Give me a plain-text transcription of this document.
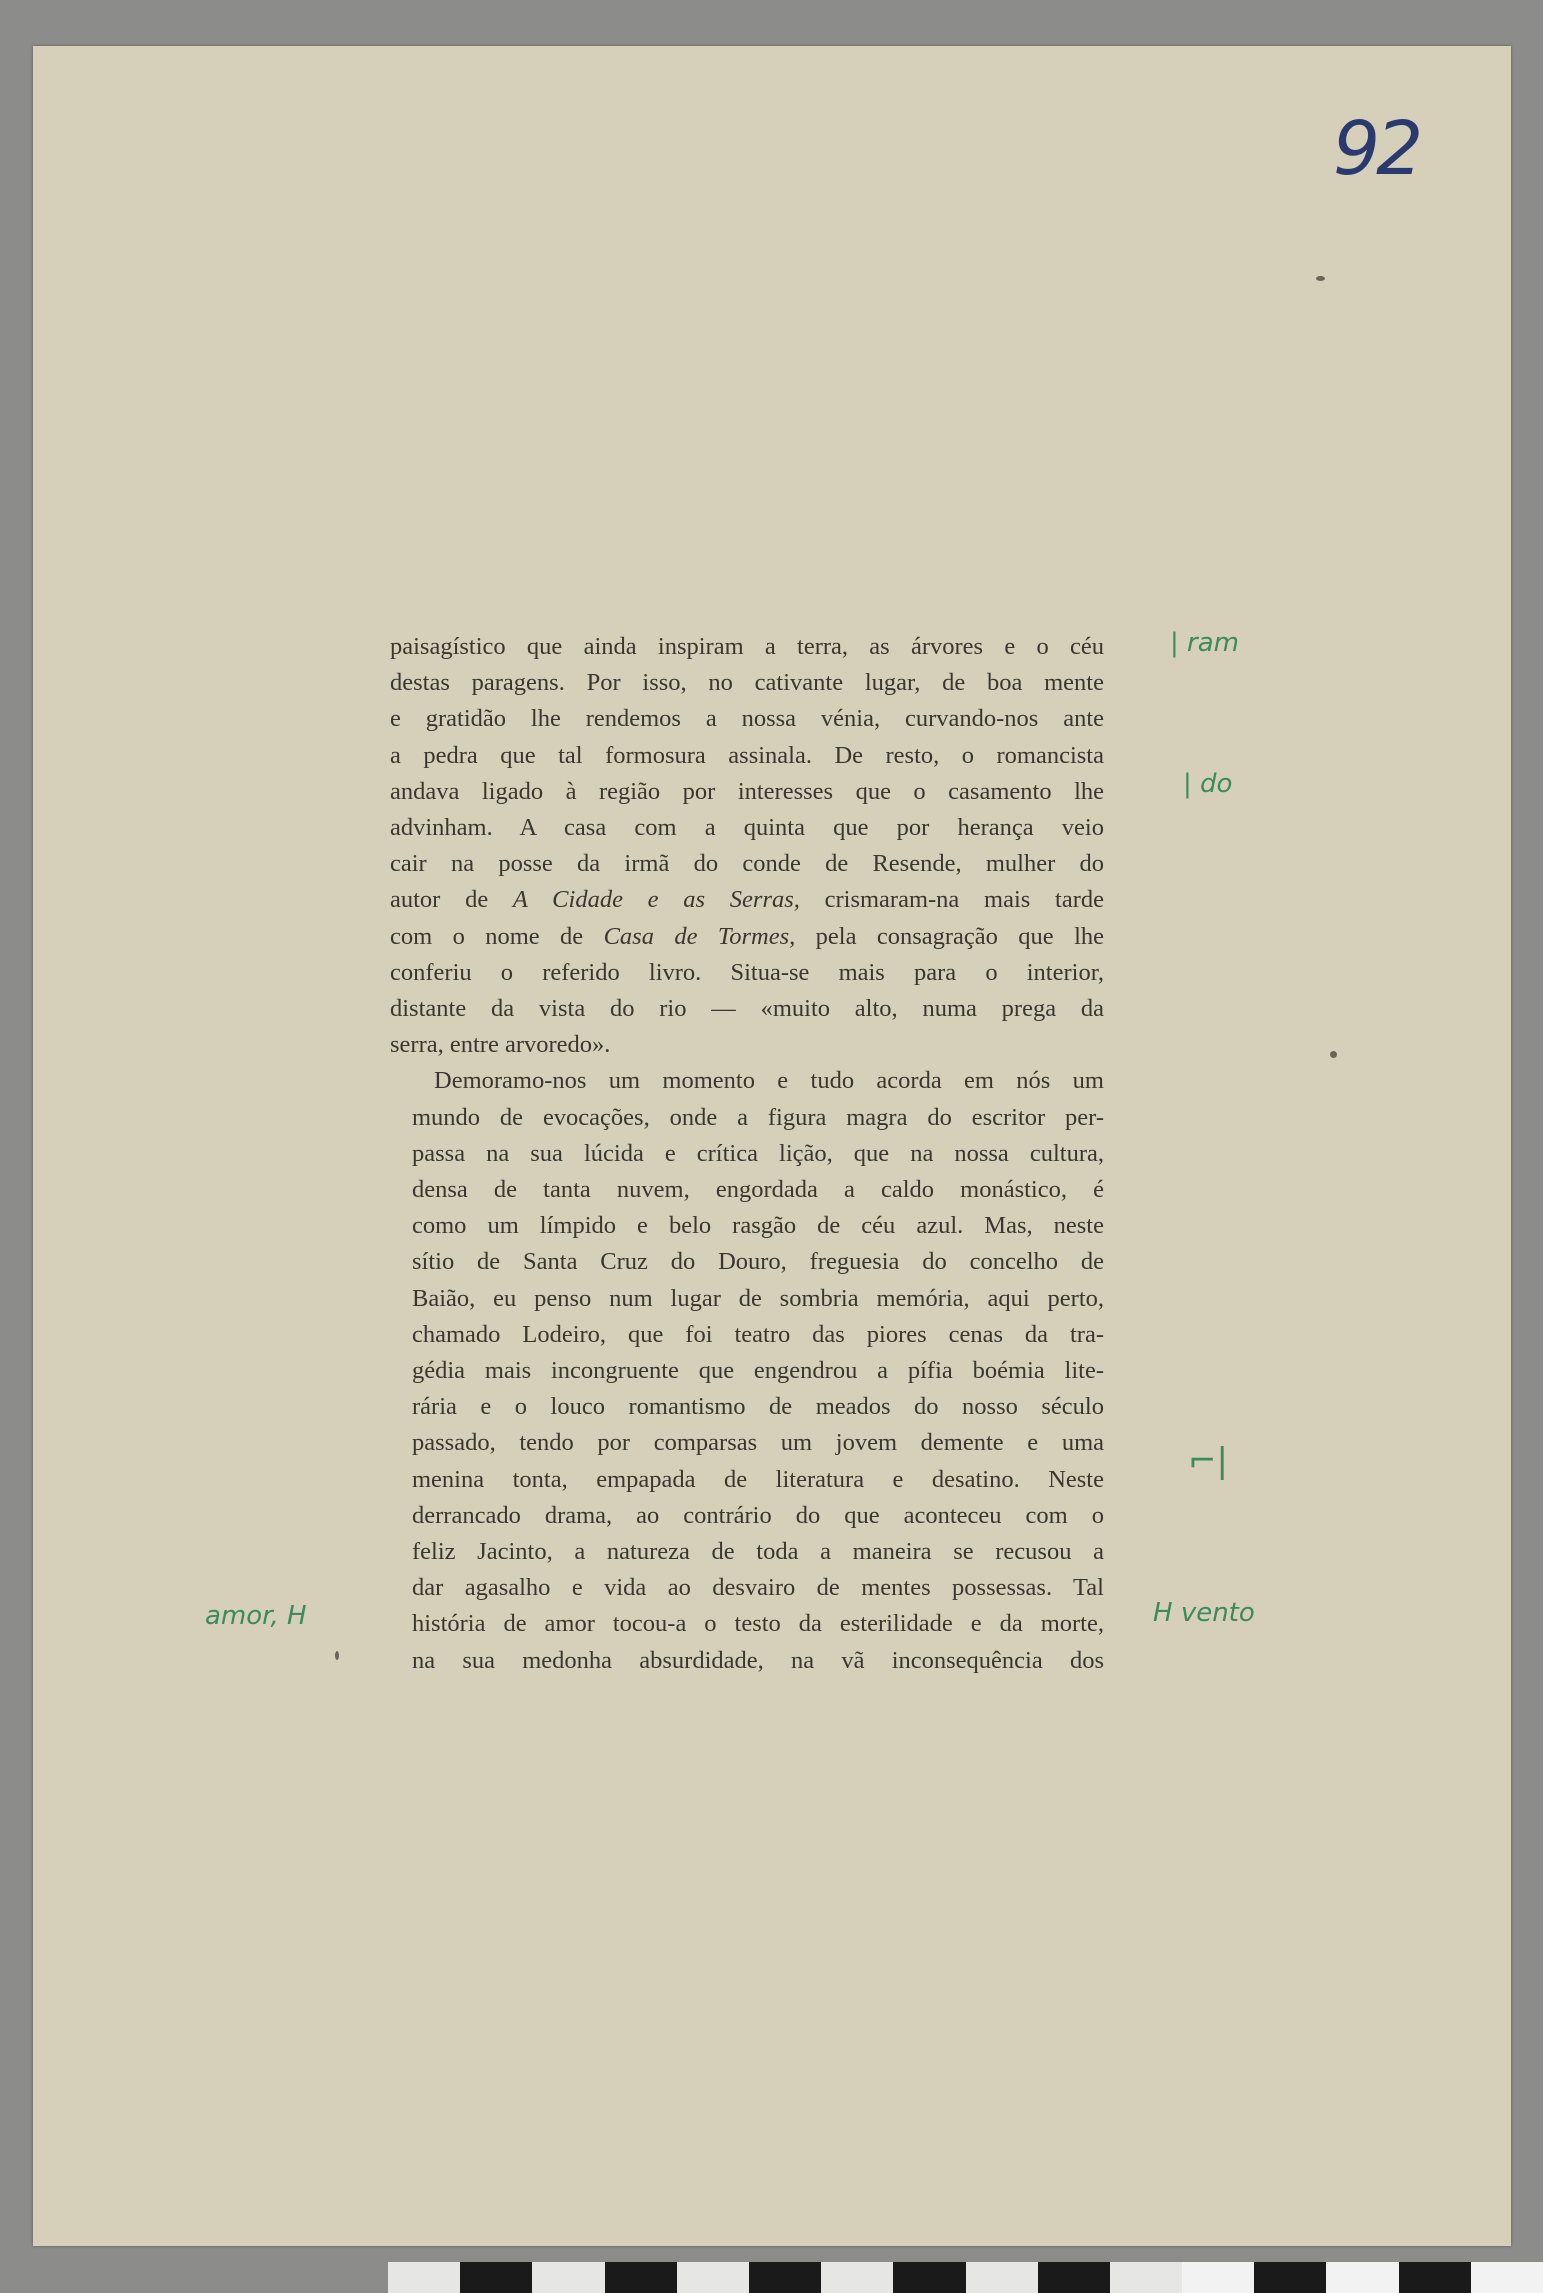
92

paisagístico que ainda inspiram a terra, as árvores e o céu
destas paragens. Por isso, no cativante lugar, de boa mente
e gratidão lhe rendemos a nossa vénia, curvando-nos ante
a pedra que tal formosura assinala. De resto, o romancista
andava ligado à região por interesses que o casamento lhe
advinham. A casa com a quinta que por herança veio
cair na posse da irmã do conde de Resende, mulher do
autor de A Cidade e as Serras, crismaram-na mais tarde
com o nome de Casa de Tormes, pela consagração que lhe
conferiu o referido livro. Situa-se mais para o interior,
distante da vista do rio — «muito alto, numa prega da
serra, entre arvoredo».

Demoramo-nos um momento e tudo acorda em nós um
mundo de evocações, onde a figura magra do escritor per-
passa na sua lúcida e crítica lição, que na nossa cultura,
densa de tanta nuvem, engordada a caldo monástico, é
como um límpido e belo rasgão de céu azul. Mas, neste
sítio de Santa Cruz do Douro, freguesia do concelho de
Baião, eu penso num lugar de sombria memória, aqui perto,
chamado Lodeiro, que foi teatro das piores cenas da tra-
gédia mais incongruente que engendrou a pífia boémia lite-
rária e o louco romantismo de meados do nosso século
passado, tendo por comparsas um jovem demente e uma
menina tonta, empapada de literatura e desatino. Neste
derrancado drama, ao contrário do que aconteceu com o
feliz Jacinto, a natureza de toda a maneira se recusou a
dar agasalho e vida ao desvairo de mentes possessas. Tal
história de amor tocou-a o testo da esterilidade e da morte,
na sua medonha absurdidade, na vã inconsequência dos

| ram
| do
⌐|
amor, H	H vento
